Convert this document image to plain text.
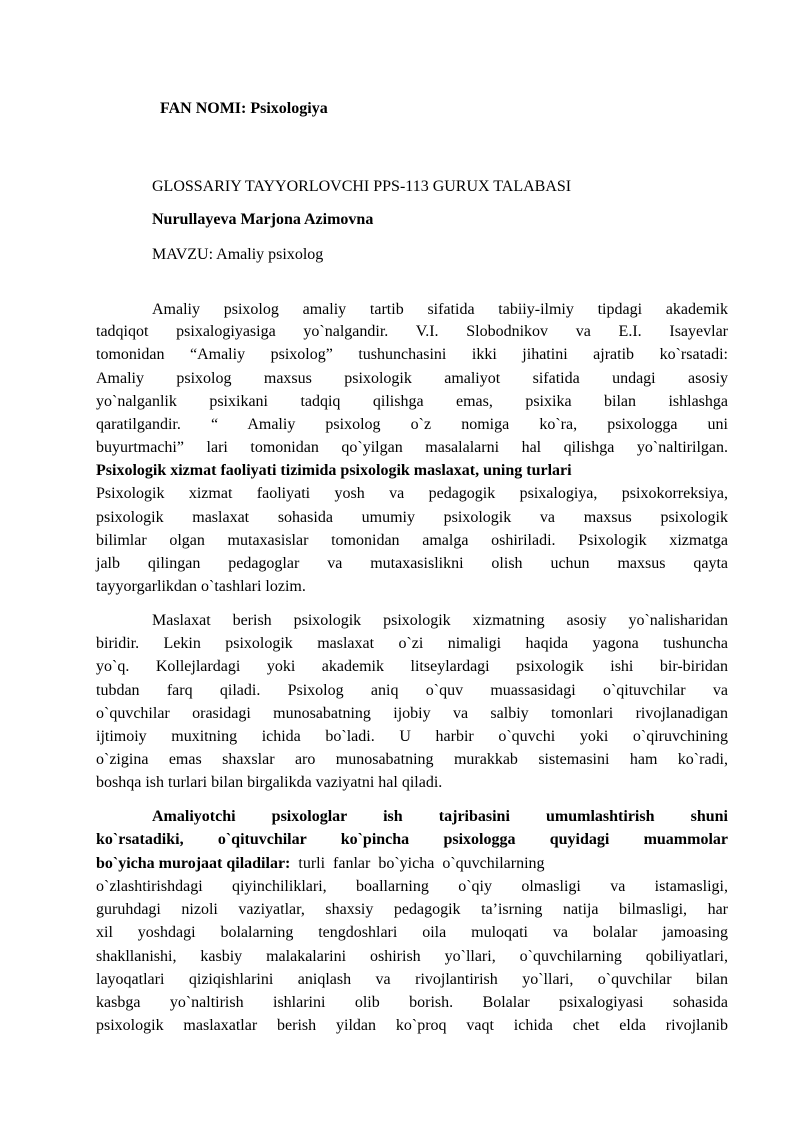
FAN NOMI: Psixologiya
GLOSSARIY TAYYORLOVCHI PPS-113 GURUX TALABASI
Nurullayeva Marjona Azimovna
MAVZU: Amaliy psixolog
Amaliy psixolog amaliy tartib sifatida tabiiy-ilmiy tipdagi akademik
tadqiqot psixalogiyasiga yo`nalgandir. V.I. Slobodnikov va E.I. Isayevlar
tomonidan “Amaliy psixolog” tushunchasini ikki jihatini ajratib ko`rsatadi:
Amaliy psixolog maxsus psixologik amaliyot sifatida undagi asosiy
yo`nalganlik psixikani tadqiq qilishga emas, psixika bilan ishlashga
qaratilgandir. “ Amaliy psixolog o`z nomiga ko`ra, psixologga uni
buyurtmachi” lari tomonidan qo`yilgan masalalarni hal qilishga yo`naltirilgan.
Psixologik xizmat faoliyati tizimida psixologik maslaxat, uning turlari
Psixologik xizmat faoliyati yosh va pedagogik psixalogiya, psixokorreksiya,
psixologik maslaxat sohasida umumiy psixologik va maxsus psixologik
bilimlar olgan mutaxasislar tomonidan amalga oshiriladi. Psixologik xizmatga
jalb qilingan pedagoglar va mutaxasislikni olish uchun maxsus qayta
tayyorgarlikdan o`tashlari lozim.
Maslaxat berish psixologik psixologik xizmatning asosiy yo`nalisharidan
biridir. Lekin psixologik maslaxat o`zi nimaligi haqida yagona tushuncha
yo`q. Kollejlardagi yoki akademik litseylardagi psixologik ishi bir-biridan
tubdan farq qiladi. Psixolog aniq o`quv muassasidagi o`qituvchilar va
o`quvchilar orasidagi munosabatning ijobiy va salbiy tomonlari rivojlanadigan
ijtimoiy muxitning ichida bo`ladi. U harbir o`quvchi yoki o`qiruvchining
o`zigina emas shaxslar aro munosabatning murakkab sistemasini ham ko`radi,
boshqa ish turlari bilan birgalikda vaziyatni hal qiladi.
Amaliyotchi psixologlar ish tajribasini umumlashtirish shuni
ko`rsatadiki, o`qituvchilar ko`pincha psixologga quyidagi muammolar
bo`yicha murojaat qiladilar:  turli  fanlar  bo`yicha  o`quvchilarning
o`zlashtirishdagi qiyinchiliklari, boallarning o`qiy olmasligi va istamasligi,
guruhdagi nizoli vaziyatlar, shaxsiy pedagogik ta’isrning natija bilmasligi, har
xil yoshdagi bolalarning tengdoshlari oila muloqati va bolalar jamoasing
shakllanishi, kasbiy malakalarini oshirish yo`llari, o`quvchilarning qobiliyatlari,
layoqatlari qiziqishlarini aniqlash va rivojlantirish yo`llari, o`quvchilar bilan
kasbga yo`naltirish ishlarini olib borish. Bolalar psixalogiyasi sohasida
psixologik maslaxatlar berish yildan ko`proq vaqt ichida chet elda rivojlanib
